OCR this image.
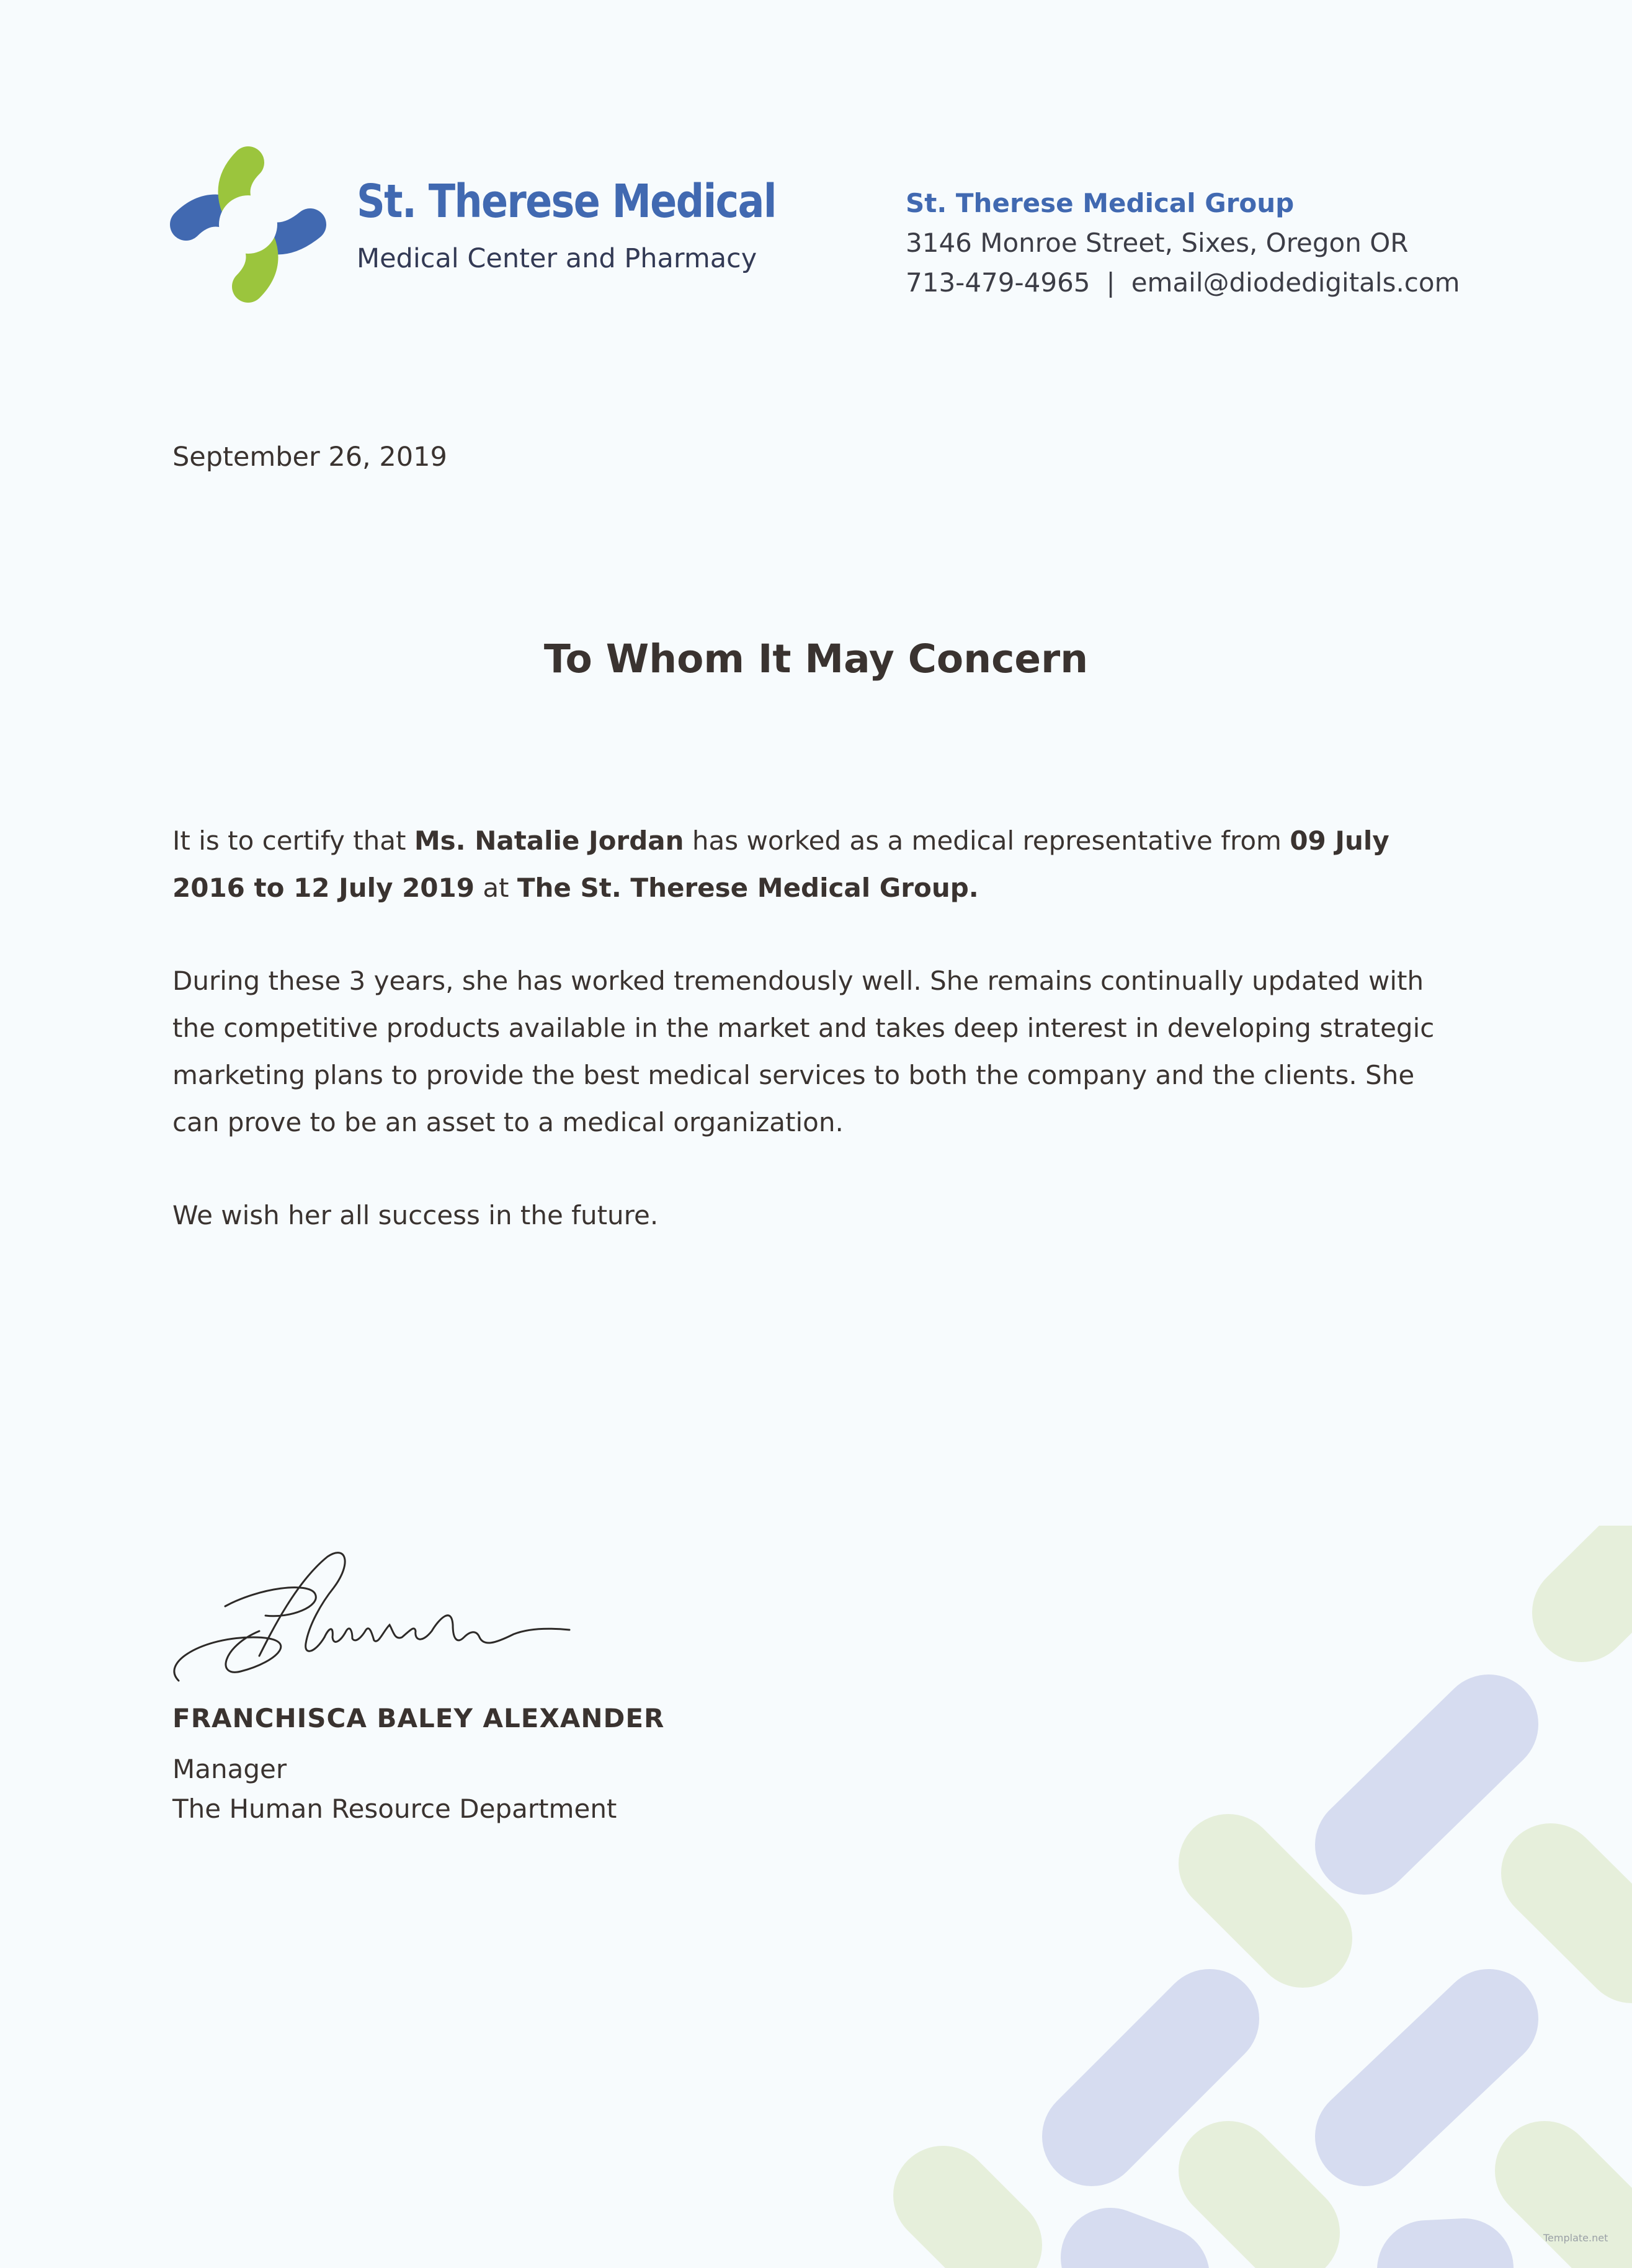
St. Therese Medical
Medical Center and Pharmacy
St. Therese Medical Group
3146 Monroe Street, Sixes, Oregon OR
713-479-4965 | email@diodedigitals.com
September 26, 2019
To Whom It May Concern

It is to certify that Ms. Natalie Jordan has worked as a medical representative from 09 July 2016 to 12 July 2019 at The St. Therese Medical Group.

During these 3 years, she has worked tremendously well. She remains continually updated with the competitive products available in the market and takes deep interest in developing strategic marketing plans to provide the best medical services to both the company and the clients. She can prove to be an asset to a medical organization.

We wish her all success in the future.

FRANCHISCA BALEY ALEXANDER
Manager
The Human Resource Department
Template.net
